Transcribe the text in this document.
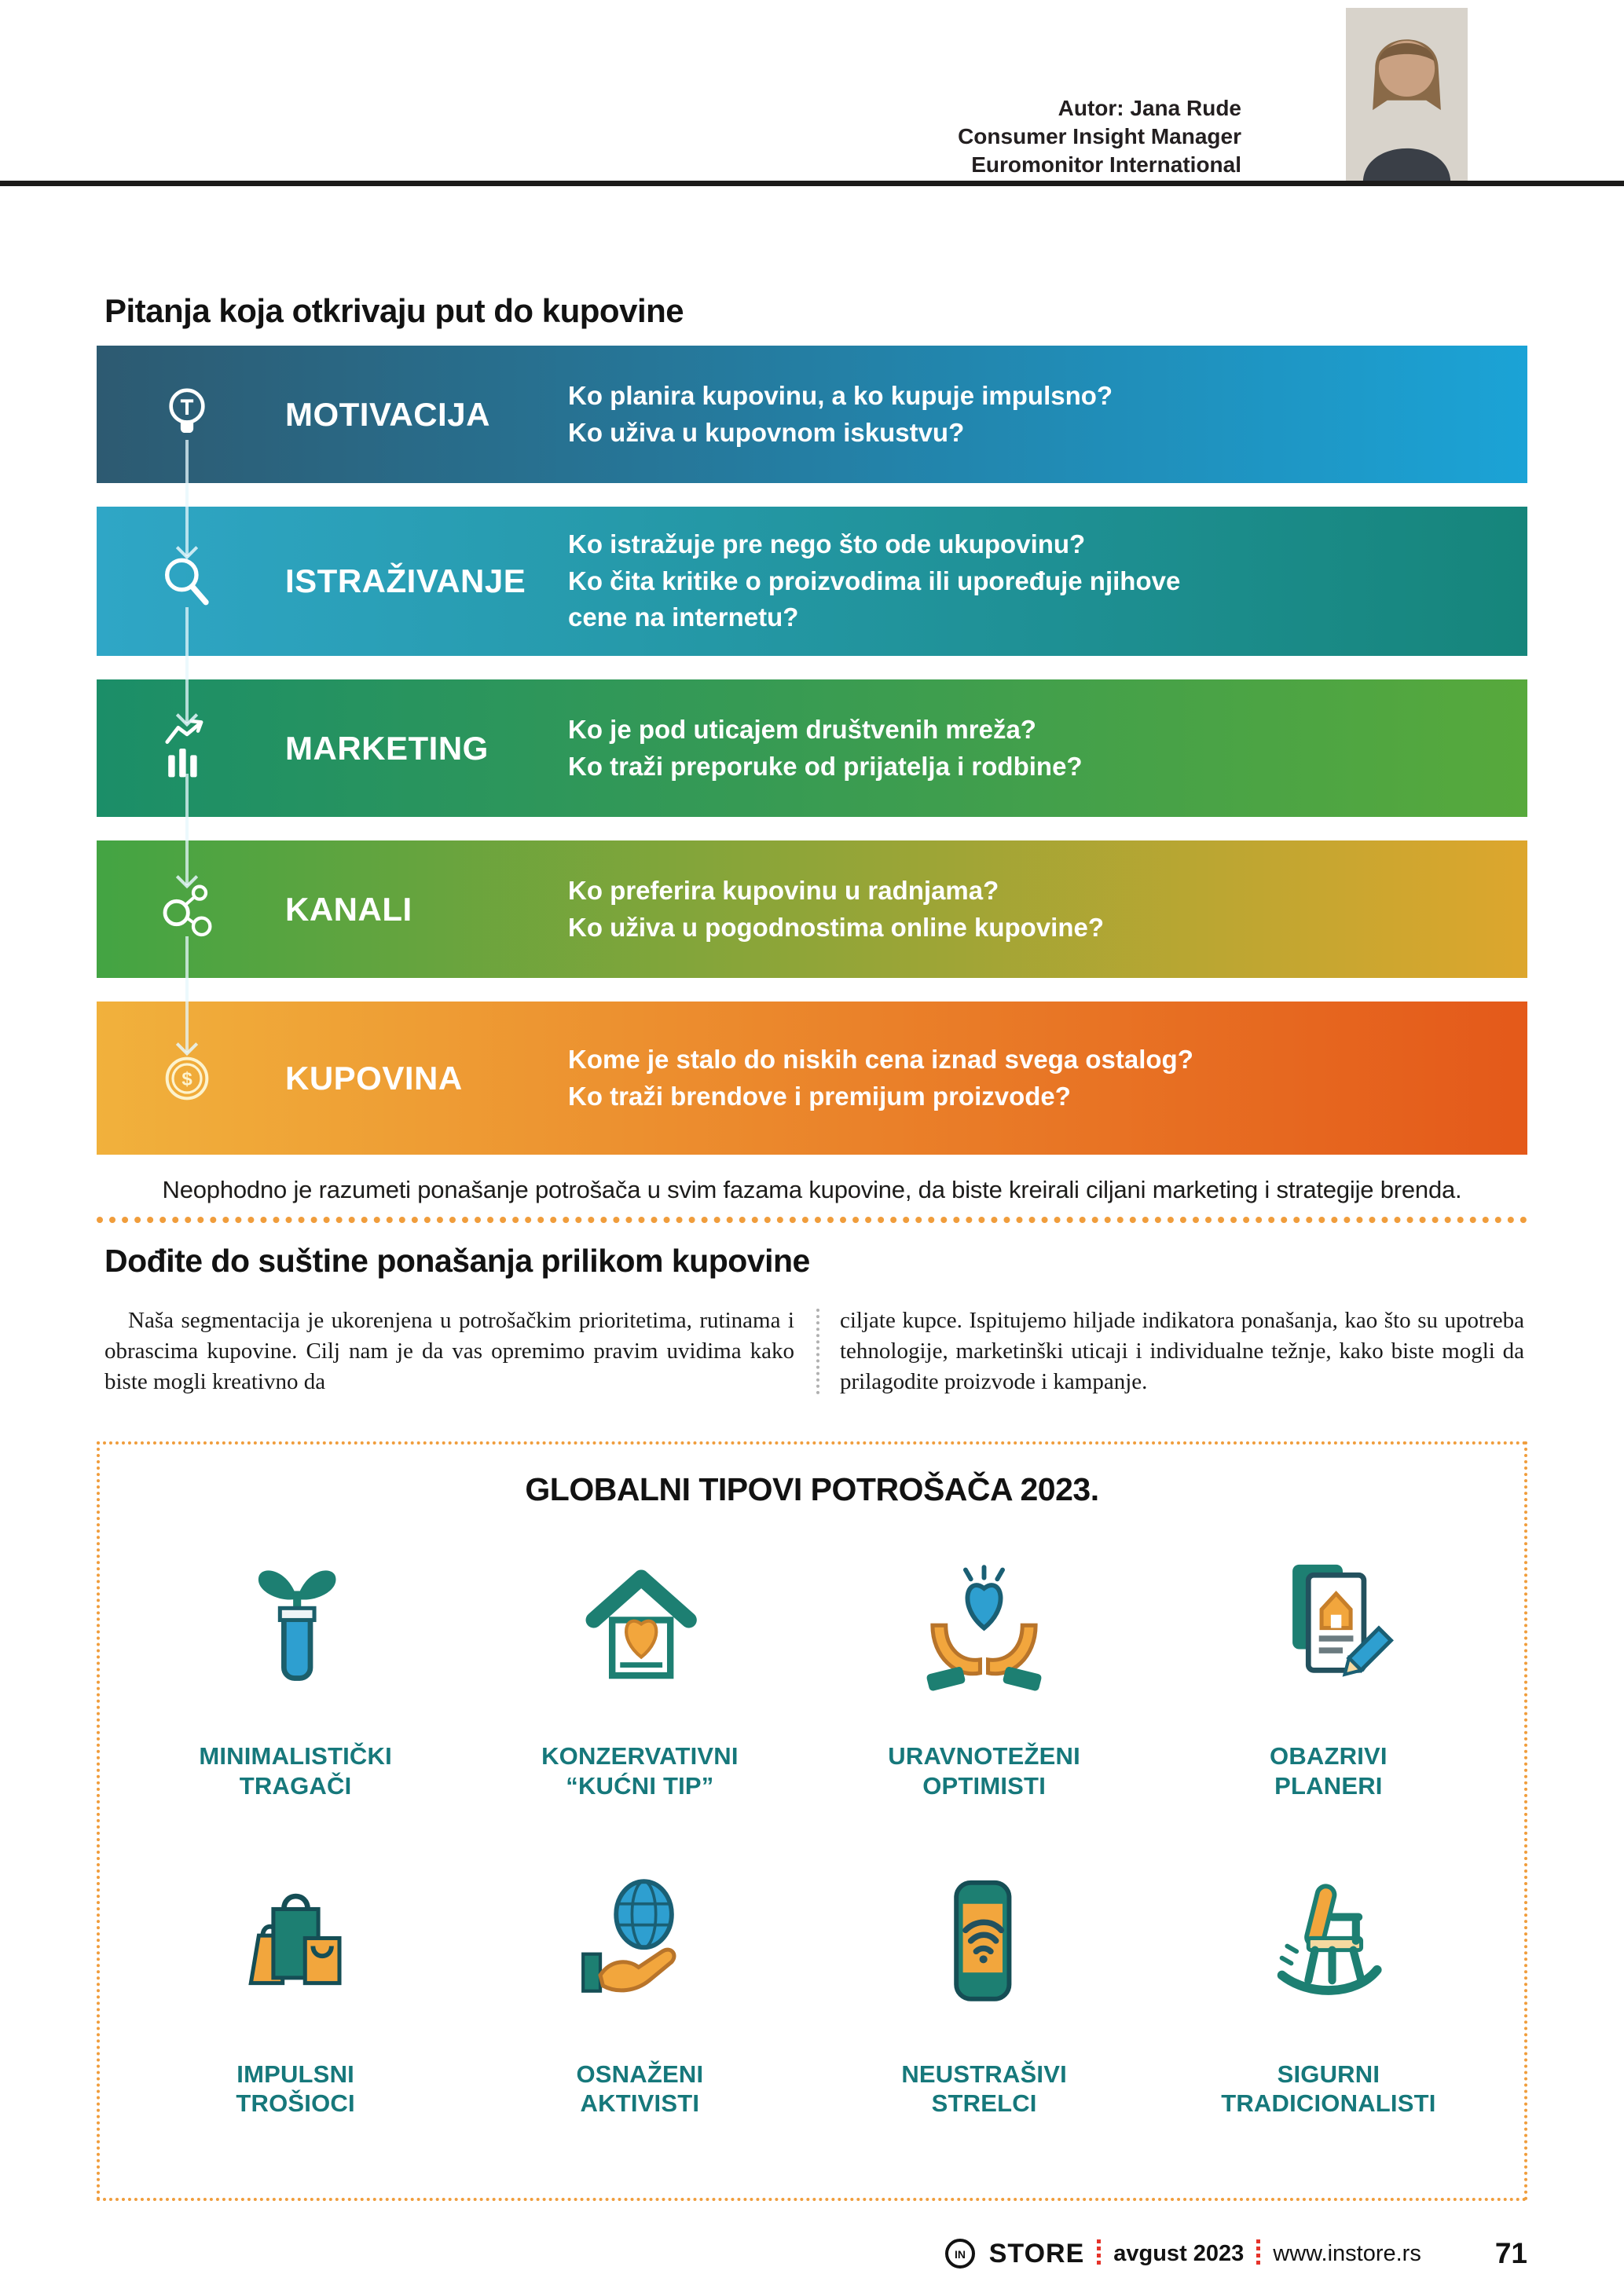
Autor: Jana Rude
Consumer Insight Manager
Euromonitor International
Pitanja koja otkrivaju put do kupovine
MOTIVACIJA
Ko planira kupovinu, a ko kupuje impulsno?
Ko uživa u kupovnom iskustvu?
ISTRAŽIVANJE
Ko istražuje pre nego što ode ukupovinu?
Ko čita kritike o proizvodima ili upoređuje njihove
cene na internetu?
MARKETING
Ko je pod uticajem društvenih mreža?
Ko traži preporuke od prijatelja i rodbine?
KANALI
Ko preferira kupovinu u radnjama?
Ko uživa u pogodnostima online kupovine?
$	KUPOVINA
Kome je stalo do niskih cena iznad svega ostalog?
Ko traži brendove i premijum proizvode?
Neophodno je razumeti ponašanje potrošača u svim fazama kupovine, da biste kreirali ciljani marketing i strategije brenda.
Dođite do suštine ponašanja prilikom kupovine

Naša segmentacija je ukorenjena u potrošačkim prioritetima, rutinama i obrascima kupovine. Cilj nam je da vas opremimo pravim uvidima kako biste mogli kreativno da

ciljate kupce. Ispitujemo hiljade indikatora ponašanja, kao što su upotreba tehnologije, marketinški uticaji i individualne težnje, kako biste mogli da prilagodite proizvode i kampanje.

GLOBALNI TIPOVI POTROŠAČA 2023.
MINIMALISTIČKI
TRAGAČI
KONZERVATIVNI
“KUĆNI TIP”
URAVNOTEŽENI
OPTIMISTI
OBAZRIVI
PLANERI
IMPULSNI
TROŠIOCI
OSNAŽENI
AKTIVISTI
NEUSTRAŠIVI
STRELCI
SIGURNI
TRADICIONALISTI
IN STORE avgust 2023 www.instore.rs	71
